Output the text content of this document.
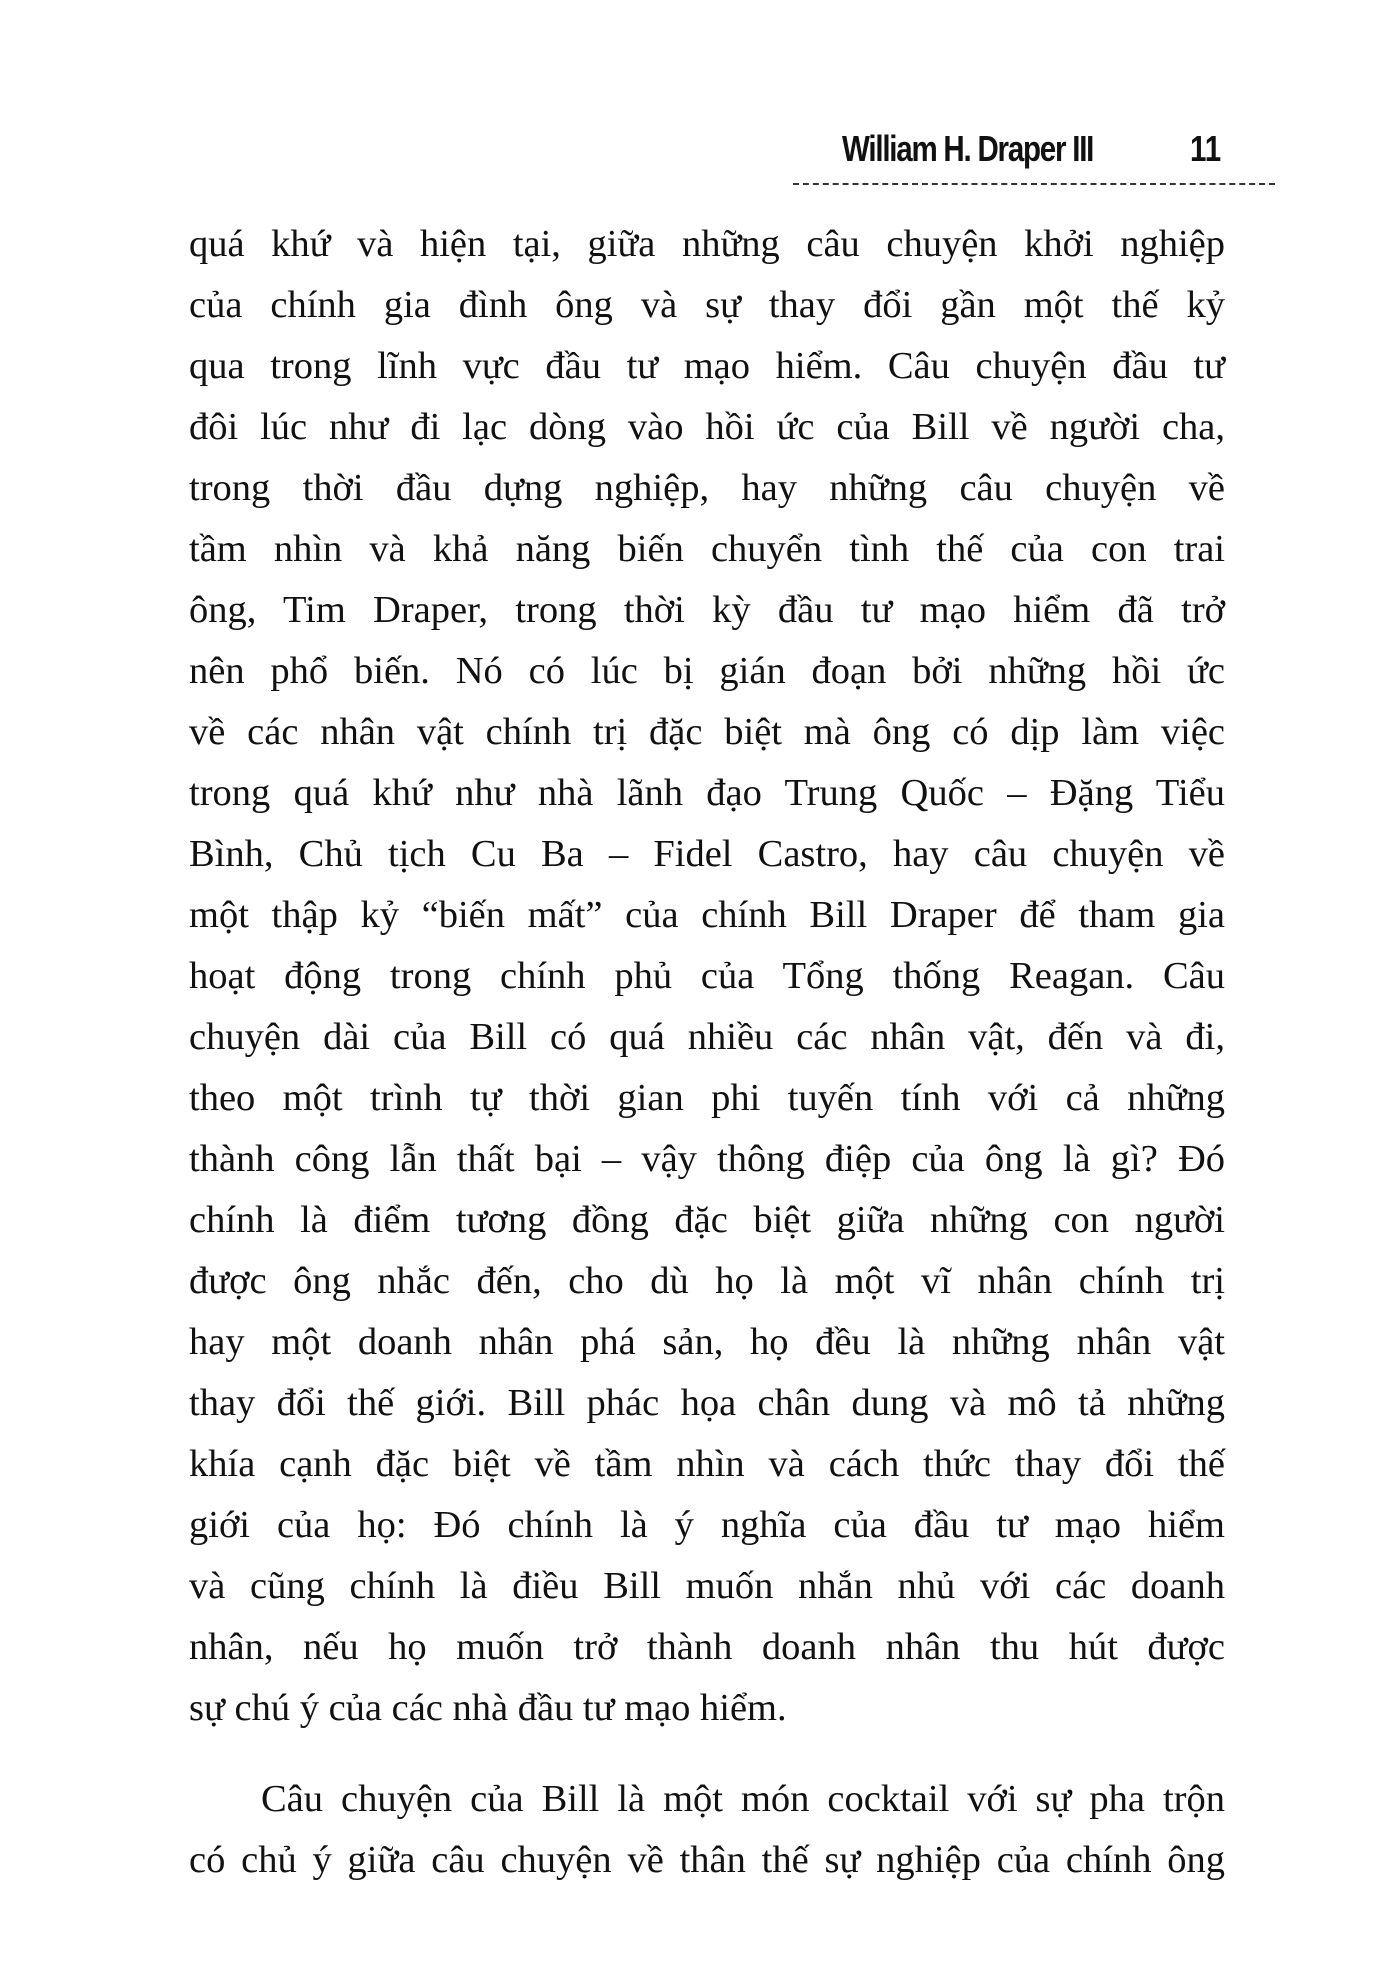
William H. Draper III	11
quá khứ và hiện tại, giữa những câu chuyện khởi nghiệp
của chính gia đình ông và sự thay đổi gần một thế kỷ
qua trong lĩnh vực đầu tư mạo hiểm. Câu chuyện đầu tư
đôi lúc như đi lạc dòng vào hồi ức của Bill về người cha,
trong thời đầu dựng nghiệp, hay những câu chuyện về
tầm nhìn và khả năng biến chuyển tình thế của con trai
ông, Tim Draper, trong thời kỳ đầu tư mạo hiểm đã trở
nên phổ biến. Nó có lúc bị gián đoạn bởi những hồi ức
về các nhân vật chính trị đặc biệt mà ông có dịp làm việc
trong quá khứ như nhà lãnh đạo Trung Quốc – Đặng Tiểu
Bình, Chủ tịch Cu Ba – Fidel Castro, hay câu chuyện về
một thập kỷ “biến mất” của chính Bill Draper để tham gia
hoạt động trong chính phủ của Tổng thống Reagan. Câu
chuyện dài của Bill có quá nhiều các nhân vật, đến và đi,
theo một trình tự thời gian phi tuyến tính với cả những
thành công lẫn thất bại – vậy thông điệp của ông là gì? Đó
chính là điểm tương đồng đặc biệt giữa những con người
được ông nhắc đến, cho dù họ là một vĩ nhân chính trị
hay một doanh nhân phá sản, họ đều là những nhân vật
thay đổi thế giới. Bill phác họa chân dung và mô tả những
khía cạnh đặc biệt về tầm nhìn và cách thức thay đổi thế
giới của họ: Đó chính là ý nghĩa của đầu tư mạo hiểm
và cũng chính là điều Bill muốn nhắn nhủ với các doanh
nhân, nếu họ muốn trở thành doanh nhân thu hút được
sự chú ý của các nhà đầu tư mạo hiểm.
Câu chuyện của Bill là một món cocktail với sự pha trộn
có chủ ý giữa câu chuyện về thân thế sự nghiệp của chính ông
